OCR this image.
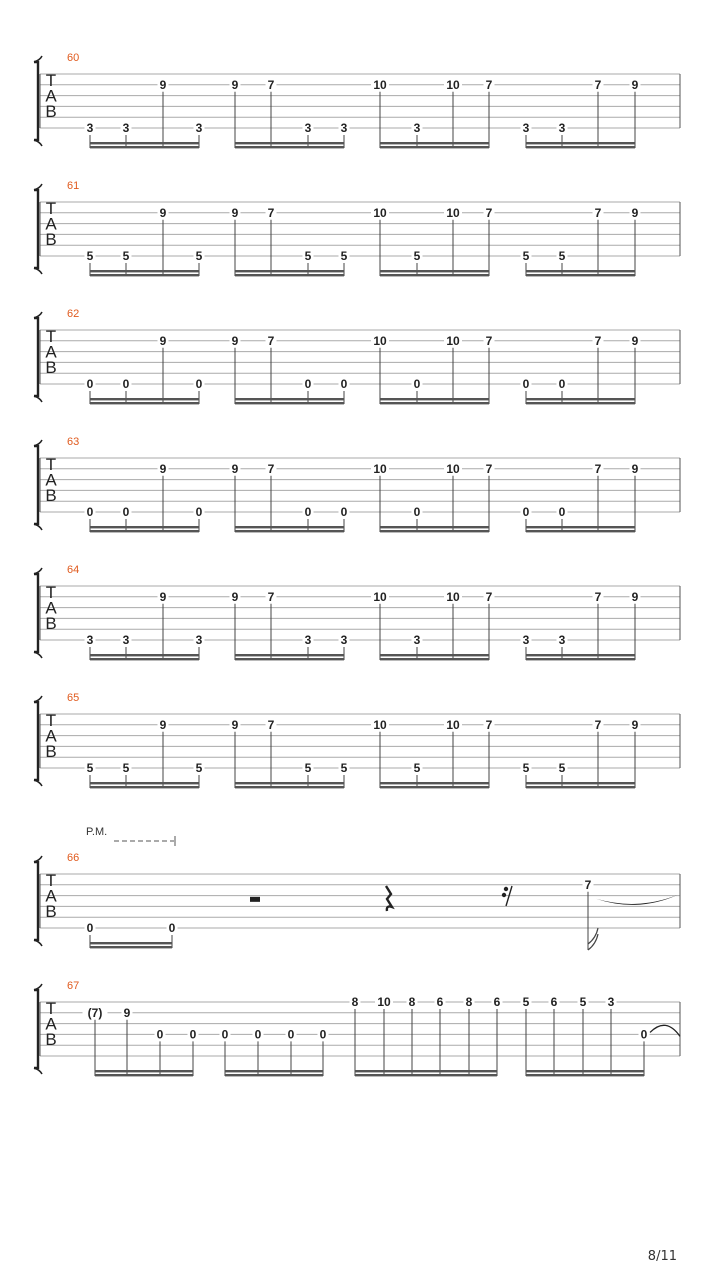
T
A
B
60
3 3
9
3
9 7
3 3
10
3
10 7
3 3
7	9
T
A
B
61
5 5
9
5
9 7
5 5
10
5
10 7
5 5
7	9
T
A
B
62
0 0
9
0
9 7
0 0
10
0
10 7
0 0
7	9
T
A
B
63
0 0
9
0
9 7
0 0
10
0
10 7
0 0
7	9
T
A
B
64
3 3
9
3
9 7
3 3
10
3
10 7
3 3
7	9
T
A
B
65
5 5
9
5
9 7
5 5
10
5
10 7
5 5
7	9
T
A
B
66
0	0
7
P.M.
T
A
B
67
(7) 9
0 0 0 0 0 0
8 10 8 6 8 6 5 6 5 3
0
8/11
